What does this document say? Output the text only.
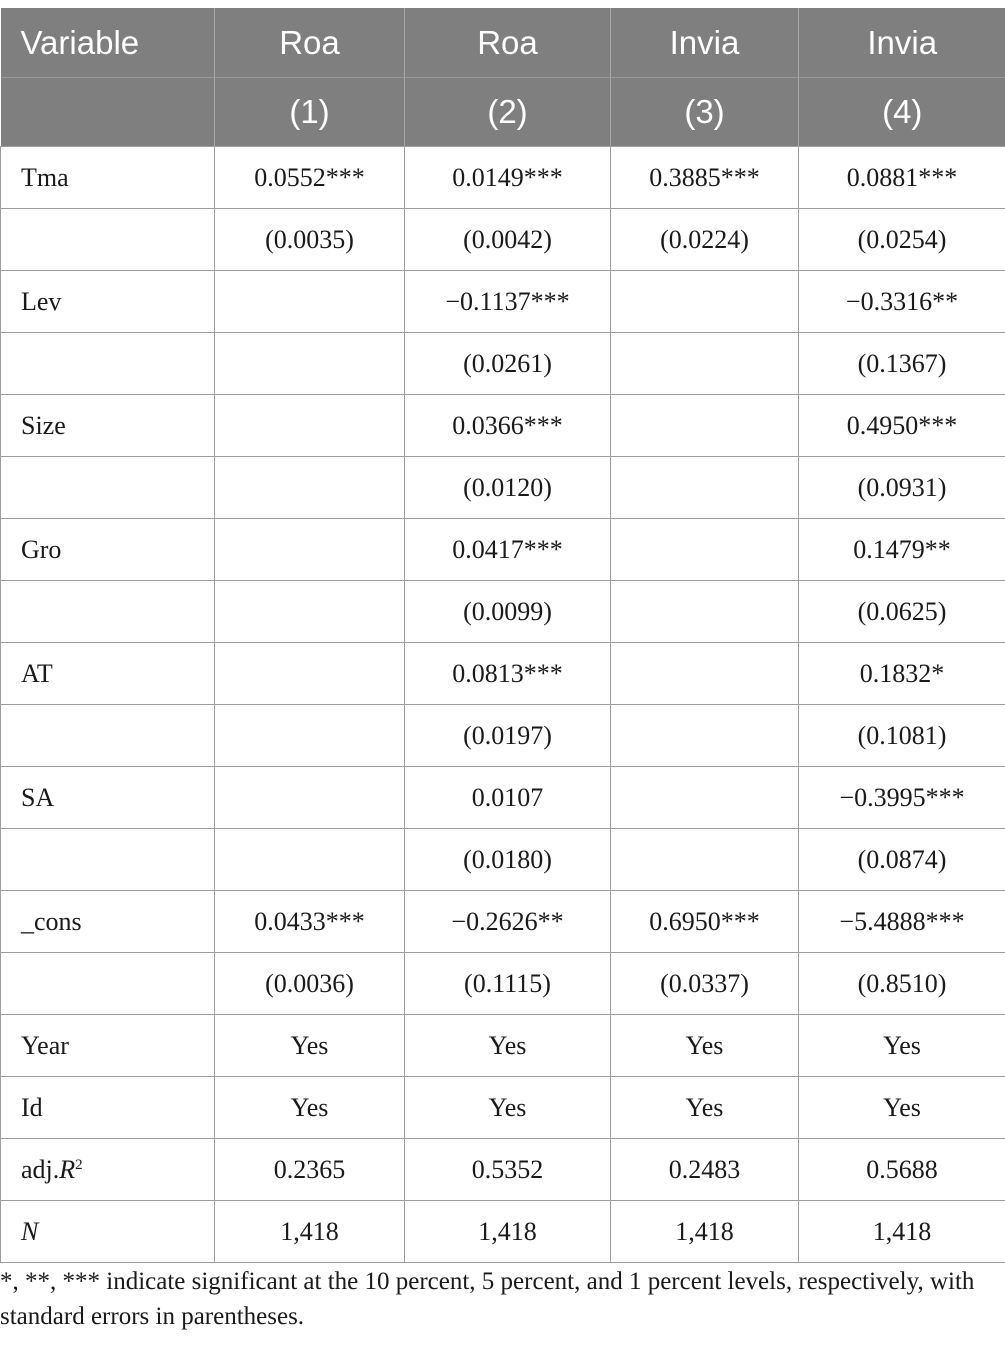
Variable	Roa	Roa	Invia	Invia
	(1)	(2)	(3)	(4)
Tma	0.0552***	0.0149***	0.3885***	0.0881***
	(0.0035)	(0.0042)	(0.0224)	(0.0254)
Lev		−0.1137***		−0.3316**
		(0.0261)		(0.1367)
Size		0.0366***		0.4950***
		(0.0120)		(0.0931)
Gro		0.0417***		0.1479**
		(0.0099)		(0.0625)
AT		0.0813***		0.1832*
		(0.0197)		(0.1081)
SA		0.0107		−0.3995***
		(0.0180)		(0.0874)
_cons	0.0433***	−0.2626**	0.6950***	−5.4888***
	(0.0036)	(0.1115)	(0.0337)	(0.8510)
Year	Yes	Yes	Yes	Yes
Id	Yes	Yes	Yes	Yes
$adj.R^2$	0.2365	0.5352	0.2483	0.5688
N	1,418	1,418	1,418	1,418
*, **, *** indicate significant at the 10 percent, 5 percent, and 1 percent levels, respectively, with standard errors in parentheses.
